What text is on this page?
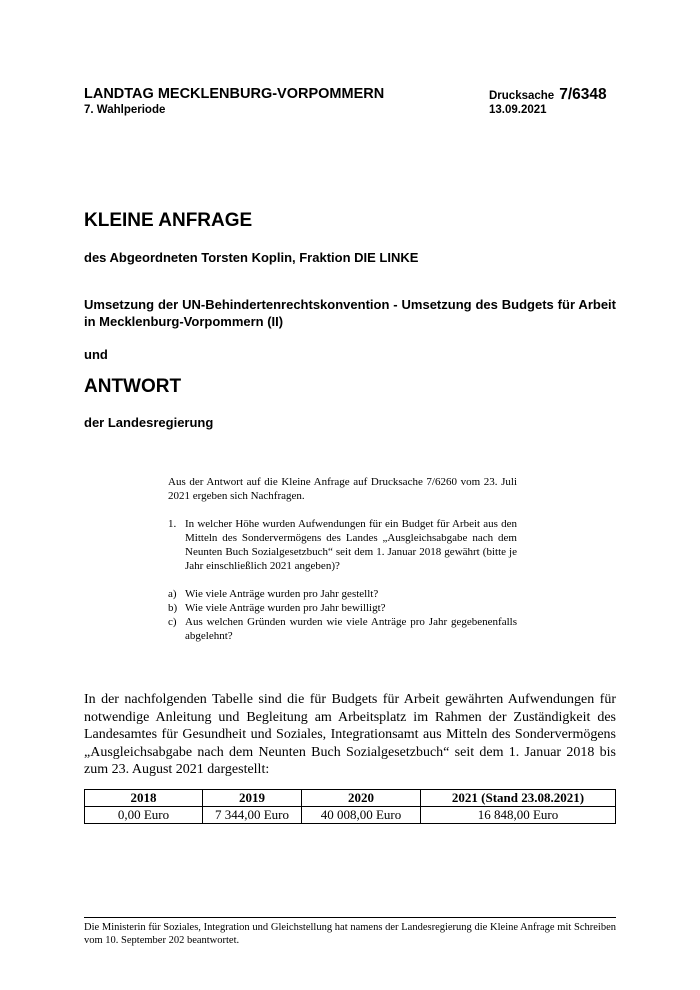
LANDTAG MECKLENBURG-VORPOMMERN
7. Wahlperiode
Drucksache 7/6348
13.09.2021
KLEINE ANFRAGE
des Abgeordneten Torsten Koplin, Fraktion DIE LINKE
Umsetzung der UN-Behindertenrechtskonvention - Umsetzung des Budgets für Arbeit in Mecklenburg-Vorpommern (II)
und
ANTWORT
der Landesregierung

Aus der Antwort auf die Kleine Anfrage auf Drucksache 7/6260 vom 23. Juli 2021 ergeben sich Nachfragen.

1. In welcher Höhe wurden Aufwendungen für ein Budget für Arbeit aus den Mitteln des Sondervermögens des Landes „Ausgleichsabgabe nach dem Neunten Buch Sozialgesetzbuch“ seit dem 1. Januar 2018 gewährt (bitte je Jahr einschließlich 2021 angeben)?
a) Wie viele Anträge wurden pro Jahr gestellt?
b) Wie viele Anträge wurden pro Jahr bewilligt?
c) Aus welchen Gründen wurden wie viele Anträge pro Jahr gegebenenfalls abgelehnt?

In der nachfolgenden Tabelle sind die für Budgets für Arbeit gewährten Aufwendungen für notwendige Anleitung und Begleitung am Arbeitsplatz im Rahmen der Zuständigkeit des Landesamtes für Gesundheit und Soziales, Integrationsamt aus Mitteln des Sondervermögens „Ausgleichsabgabe nach dem Neunten Buch Sozialgesetzbuch“ seit dem 1. Januar 2018 bis zum 23. August 2021 dargestellt:

2018	2019	2020	2021 (Stand 23.08.2021)
0,00 Euro	7 344,00 Euro	40 008,00 Euro	16 848,00 Euro
Die Ministerin für Soziales, Integration und Gleichstellung hat namens der Landesregierung die Kleine Anfrage mit Schreiben vom 10. September 202 beantwortet.
